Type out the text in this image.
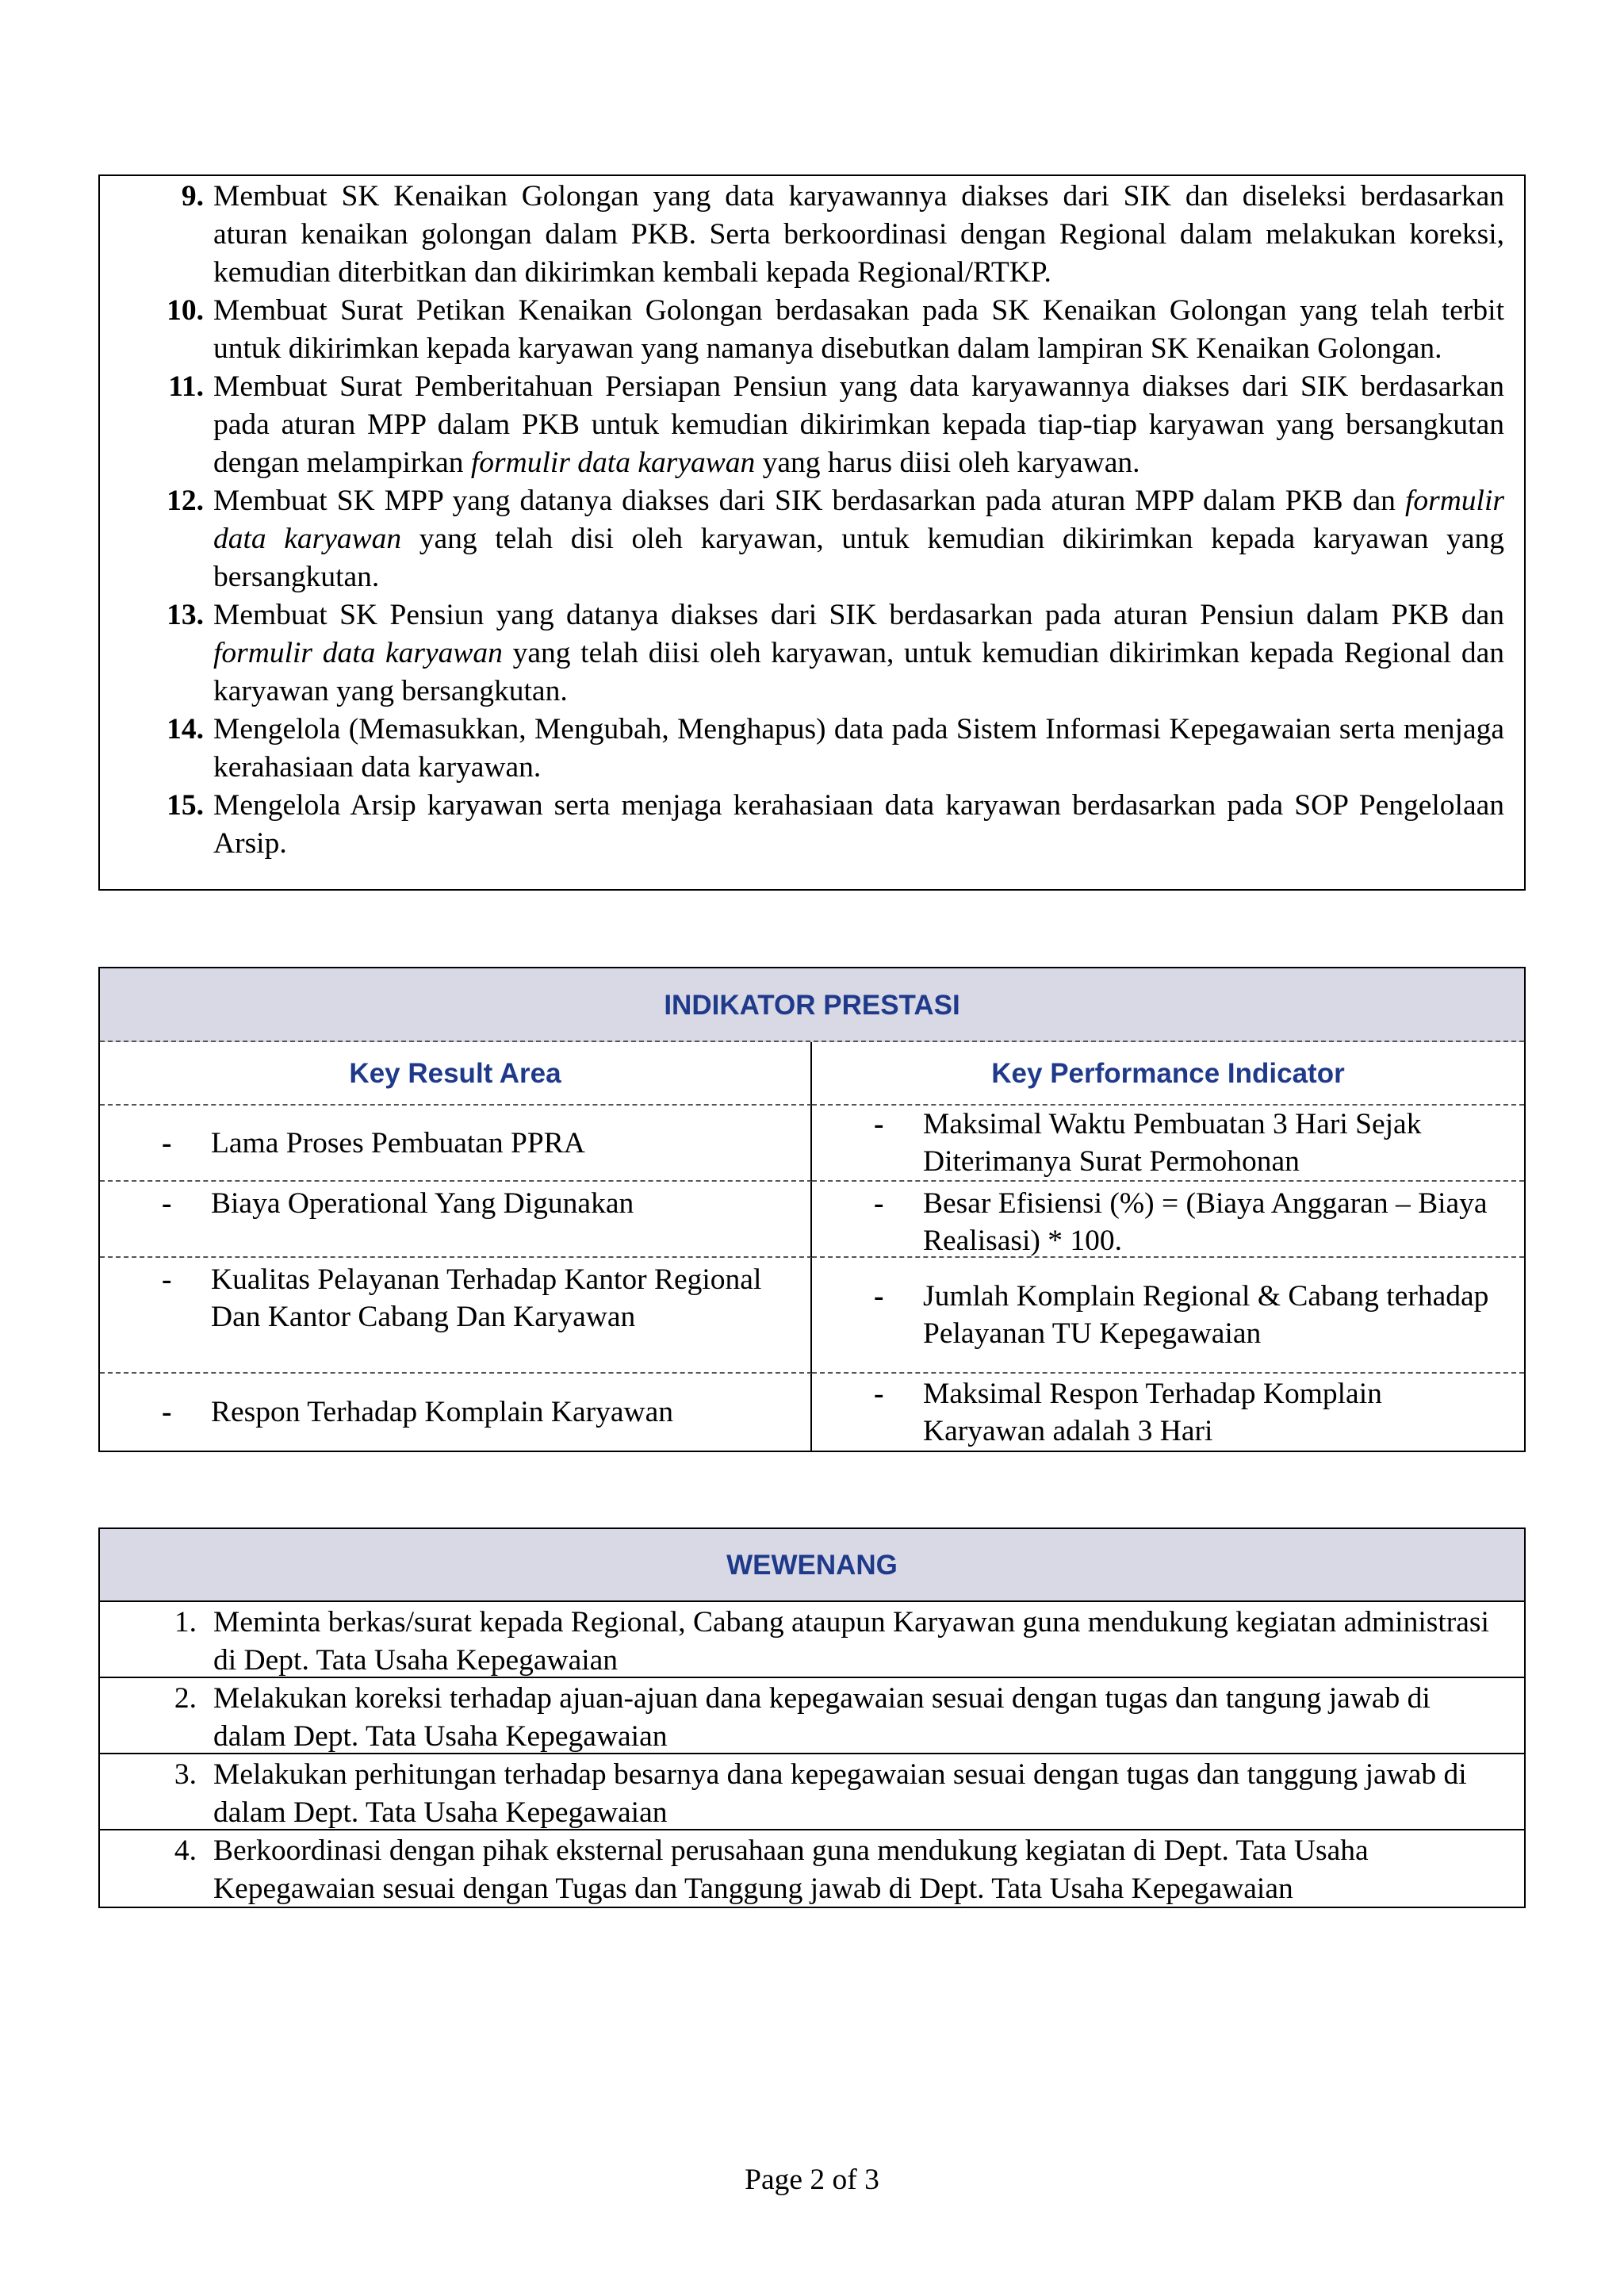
9. Membuat SK Kenaikan Golongan yang data karyawannya diakses dari SIK dan diseleksi berdasarkan aturan kenaikan golongan dalam PKB. Serta berkoordinasi dengan Regional dalam melakukan koreksi, kemudian diterbitkan dan dikirimkan kembali kepada Regional/RTKP.
10. Membuat Surat Petikan Kenaikan Golongan berdasakan pada SK Kenaikan Golongan yang telah terbit untuk dikirimkan kepada karyawan yang namanya disebutkan dalam lampiran SK Kenaikan Golongan.
11. Membuat Surat Pemberitahuan Persiapan Pensiun yang data karyawannya diakses dari SIK berdasarkan pada aturan MPP dalam PKB untuk kemudian dikirimkan kepada tiap-tiap karyawan yang bersangkutan dengan melampirkan formulir data karyawan yang harus diisi oleh karyawan.
12. Membuat SK MPP yang datanya diakses dari SIK berdasarkan pada aturan MPP dalam PKB dan formulir data karyawan yang telah disi oleh karyawan, untuk kemudian dikirimkan kepada karyawan yang bersangkutan.
13. Membuat SK Pensiun yang datanya diakses dari SIK berdasarkan pada aturan Pensiun dalam PKB dan formulir data karyawan yang telah diisi oleh karyawan, untuk kemudian dikirimkan kepada Regional dan karyawan yang bersangkutan.
14. Mengelola (Memasukkan, Mengubah, Menghapus) data pada Sistem Informasi Kepegawaian serta menjaga kerahasiaan data karyawan.
15. Mengelola Arsip karyawan serta menjaga kerahasiaan data karyawan berdasarkan pada SOP Pengelolaan Arsip.
INDIKATOR PRESTASI
Key Result Area	Key Performance Indicator
- Lama Proses Pembuatan PPRA
- Maksimal Waktu Pembuatan 3 Hari Sejak Diterimanya Surat Permohonan
- Biaya Operational Yang Digunakan	- Besar Efisiensi (%) = (Biaya Anggaran – Biaya Realisasi) * 100.
- Kualitas Pelayanan Terhadap Kantor Regional Dan Kantor Cabang Dan Karyawan
- Jumlah Komplain Regional & Cabang terhadap Pelayanan TU Kepegawaian
- Respon Terhadap Komplain Karyawan
- Maksimal Respon Terhadap Komplain Karyawan adalah 3 Hari
WEWENANG
1. Meminta berkas/surat kepada Regional, Cabang ataupun Karyawan guna mendukung kegiatan administrasi di Dept. Tata Usaha Kepegawaian
2. Melakukan koreksi terhadap ajuan-ajuan dana kepegawaian sesuai dengan tugas dan tangung jawab di dalam Dept. Tata Usaha Kepegawaian
3. Melakukan perhitungan terhadap besarnya dana kepegawaian sesuai dengan tugas dan tanggung jawab di dalam Dept. Tata Usaha Kepegawaian
4. Berkoordinasi dengan pihak eksternal perusahaan guna mendukung kegiatan di Dept. Tata Usaha Kepegawaian sesuai dengan Tugas dan Tanggung jawab di Dept. Tata Usaha Kepegawaian
Page 2 of 3
